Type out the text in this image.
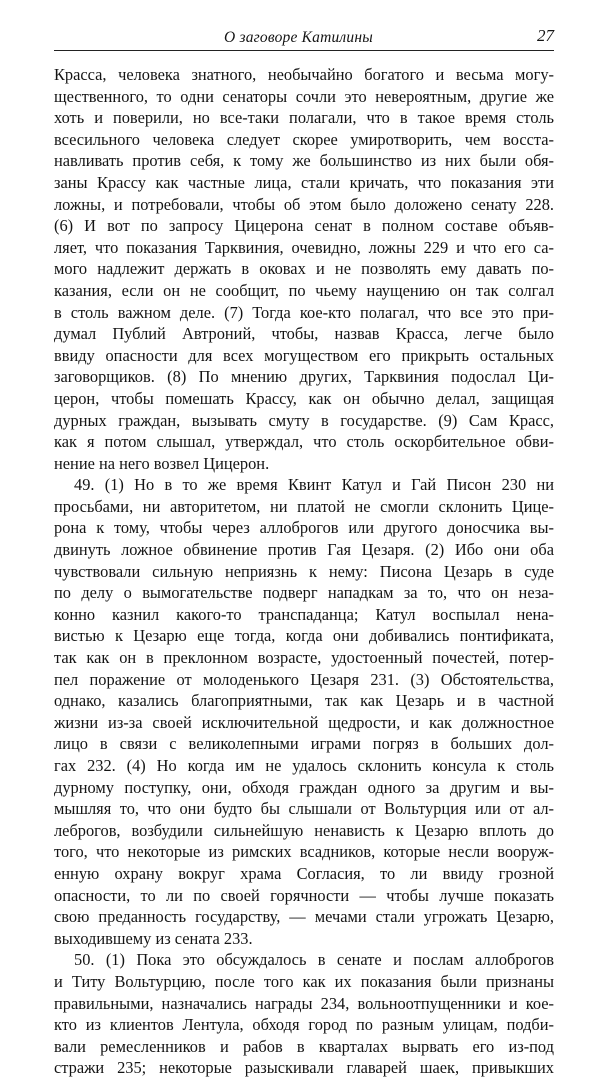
О заговоре Катилины	27
Красса, человека знатного, необычайно богатого и весьма могу-
щественного, то одни сенаторы сочли это невероятным, другие же
хоть и поверили, но все-таки полагали, что в такое время столь
всесильного человека следует скорее умиротворить, чем восста-
навливать против себя, к тому же большинство из них были обя-
заны Крассу как частные лица, стали кричать, что показания эти
ложны, и потребовали, чтобы об этом было доложено сенату 228.
(6) И вот по запросу Цицерона сенат в полном составе объяв-
ляет, что показания Тарквиния, очевидно, ложны 229 и что его са-
мого надлежит держать в оковах и не позволять ему давать по-
казания, если он не сообщит, по чьему наущению он так солгал
в столь важном деле. (7) Тогда кое-кто полагал, что все это при-
думал Публий Автроний, чтобы, назвав Красса, легче было
ввиду опасности для всех могуществом его прикрыть остальных
заговорщиков. (8) По мнению других, Тарквиния подослал Ци-
церон, чтобы помешать Крассу, как он обычно делал, защищая
дурных граждан, вызывать смуту в государстве. (9) Сам Красс,
как я потом слышал, утверждал, что столь оскорбительное обви-
нение на него возвел Цицерон.
49. (1) Но в то же время Квинт Катул и Гай Писон 230 ни
просьбами, ни авторитетом, ни платой не смогли склонить Цице-
рона к тому, чтобы через аллоброгов или другого доносчика вы-
двинуть ложное обвинение против Гая Цезаря. (2) Ибо они оба
чувствовали сильную неприязнь к нему: Писона Цезарь в суде
по делу о вымогательстве подверг нападкам за то, что он неза-
конно казнил какого-то транспаданца; Катул воспылал нена-
вистью к Цезарю еще тогда, когда они добивались понтификата,
так как он в преклонном возрасте, удостоенный почестей, потер-
пел поражение от молоденького Цезаря 231. (3) Обстоятельства,
однако, казались благоприятными, так как Цезарь и в частной
жизни из-за своей исключительной щедрости, и как должностное
лицо в связи с великолепными играми погряз в больших дол-
гах 232. (4) Но когда им не удалось склонить консула к столь
дурному поступку, они, обходя граждан одного за другим и вы-
мышляя то, что они будто бы слышали от Вольтурция или от ал-
леброгов, возбудили сильнейшую ненависть к Цезарю вплоть до
того, что некоторые из римских всадников, которые несли вооруж-
енную охрану вокруг храма Согласия, то ли ввиду грозной
опасности, то ли по своей горячности — чтобы лучше показать
свою преданность государству, — мечами стали угрожать Цезарю,
выходившему из сената 233.
50. (1) Пока это обсуждалось в сенате и послам аллоброгов
и Титу Вольтурцию, после того как их показания были признаны
правильными, назначались награды 234, вольноотпущенники и кое-
кто из клиентов Лентула, обходя город по разным улицам, подби-
вали ремесленников и рабов в кварталах вырвать его из-под
стражи 235; некоторые разыскивали главарей шаек, привыкших
